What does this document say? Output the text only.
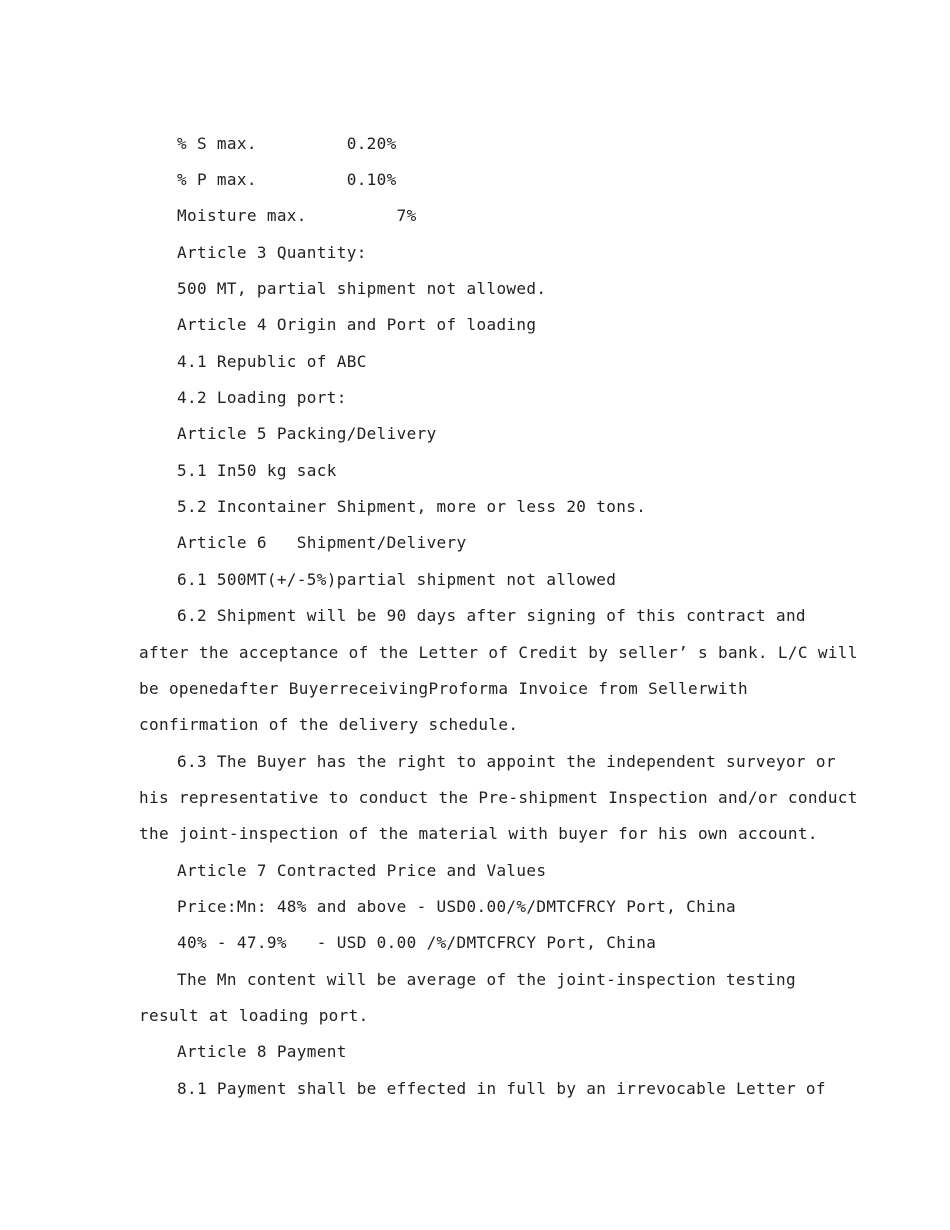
% S max.         0.20%
% P max.         0.10%
Moisture max.         7%
Article 3 Quantity:
500 MT, partial shipment not allowed.
Article 4 Origin and Port of loading
4.1 Republic of ABC
4.2 Loading port:
Article 5 Packing/Delivery
5.1 In50 kg sack
5.2 Incontainer Shipment, more or less 20 tons.
Article 6   Shipment/Delivery
6.1 500MT(+/-5%)partial shipment not allowed
6.2 Shipment will be 90 days after signing of this contract and
after the acceptance of the Letter of Credit by seller’ s bank. L/C will
be openedafter BuyerreceivingProforma Invoice from Sellerwith
confirmation of the delivery schedule.
6.3 The Buyer has the right to appoint the independent surveyor or
his representative to conduct the Pre-shipment Inspection and/or conduct
the joint-inspection of the material with buyer for his own account.
Article 7 Contracted Price and Values
Price:Mn: 48% and above - USD0.00/%/DMTCFRCY Port, China
40% - 47.9%   - USD 0.00 /%/DMTCFRCY Port, China
The Mn content will be average of the joint-inspection testing
result at loading port.
Article 8 Payment
8.1 Payment shall be effected in full by an irrevocable Letter of
